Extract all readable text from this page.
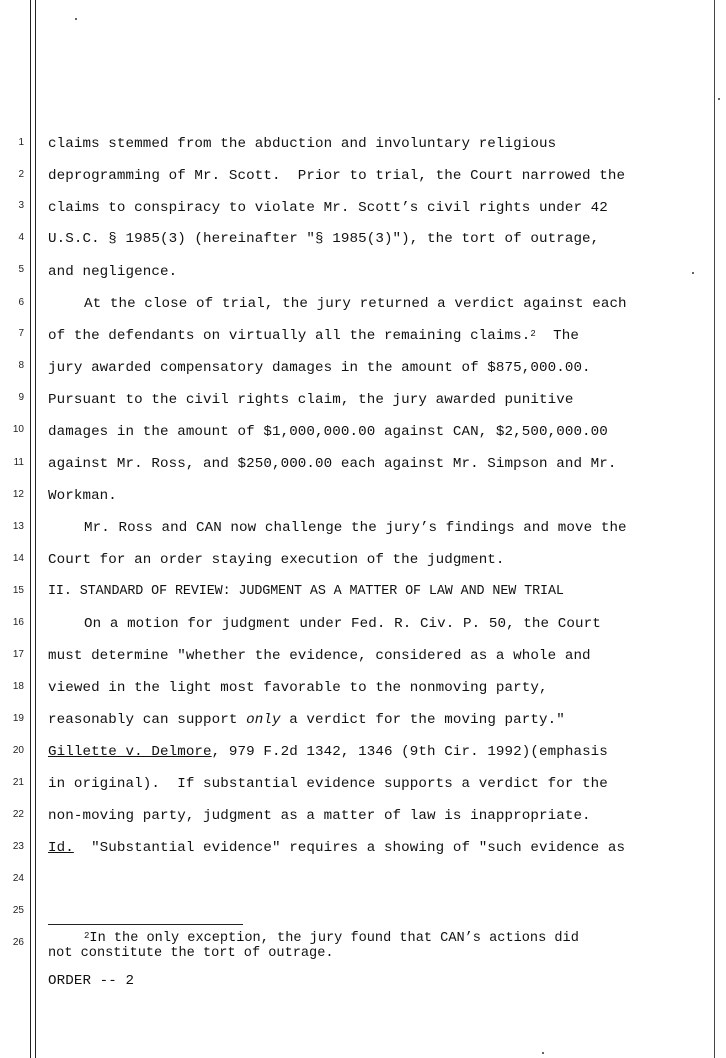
1
2
3
4
5
6
7
8
9
10
11
12
13
14
15
16
17
18
19
20
21
22
23
24
25
26
claims stemmed from the abduction and involuntary religious
deprogramming of Mr. Scott.  Prior to trial, the Court narrowed the
claims to conspiracy to violate Mr. Scott’s civil rights under 42
U.S.C. § 1985(3) (hereinafter "§ 1985(3)"), the tort of outrage,
and negligence.
At the close of trial, the jury returned a verdict against each
of the defendants on virtually all the remaining claims.$^2$  The
jury awarded compensatory damages in the amount of $875,000.00.
Pursuant to the civil rights claim, the jury awarded punitive
damages in the amount of $1,000,000.00 against CAN, $2,500,000.00
against Mr. Ross, and $250,000.00 each against Mr. Simpson and Mr.
Workman.
Mr. Ross and CAN now challenge the jury’s findings and move the
Court for an order staying execution of the judgment.
II. STANDARD OF REVIEW: JUDGMENT AS A MATTER OF LAW AND NEW TRIAL
On a motion for judgment under Fed. R. Civ. P. 50, the Court
must determine "whether the evidence, considered as a whole and
viewed in the light most favorable to the nonmoving party,
reasonably can support only a verdict for the moving party."
Gillette v. Delmore, 979 F.2d 1342, 1346 (9th Cir. 1992)(emphasis
in original).  If substantial evidence supports a verdict for the
non-moving party, judgment as a matter of law is inappropriate.
Id.  "Substantial evidence" requires a showing of "such evidence as
$^2$In the only exception, the jury found that CAN’s actions did
not constitute the tort of outrage.
ORDER -- 2
